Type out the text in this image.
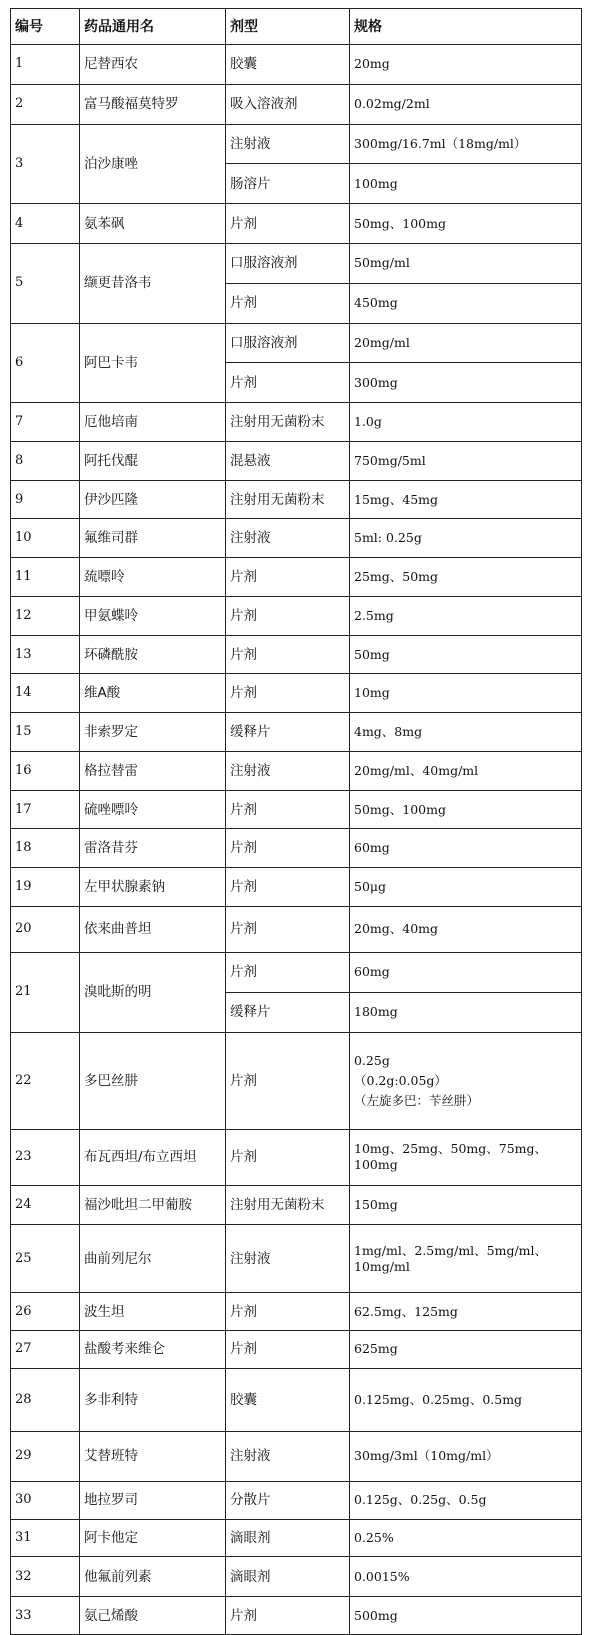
编号	药品通用名	剂型	规格
1	尼替西农	胶囊	20mg

2	富马酸福莫特罗	吸入溶液剂	0.02mg/2ml

3	泊沙康唑	注射液	300mg/16.7ml（18mg/ml）

		肠溶片	100mg

4	氨苯砜	片剂	50mg、100mg

5	缬更昔洛韦	口服溶液剂	50mg/ml

		片剂	450mg

6	阿巴卡韦	口服溶液剂	20mg/ml

		片剂	300mg

7	厄他培南	注射用无菌粉末	1.0g

8	阿托伐醌	混悬液	750mg/5ml

9	伊沙匹隆	注射用无菌粉末	15mg、45mg

10	氟维司群	注射液	5ml: 0.25g

11	巯嘌呤	片剂	25mg、50mg

12	甲氨蝶呤	片剂	2.5mg

13	环磷酰胺	片剂	50mg

14	维A酸	片剂	10mg

15	非索罗定	缓释片	4mg、8mg

16	格拉替雷	注射液	20mg/ml、40mg/ml

17	硫唑嘌呤	片剂	50mg、100mg

18	雷洛昔芬	片剂	60mg

19	左甲状腺素钠	片剂	50μg

20	依来曲普坦	片剂	20mg、40mg

21	溴吡斯的明	片剂	60mg

		缓释片	180mg

22	多巴丝肼	片剂	0.25g
（0.2g:0.05g）
（左旋多巴：苄丝肼）

23	布瓦西坦/布立西坦	片剂	10mg、25mg、50mg、75mg、100mg

24	福沙吡坦二甲葡胺	注射用无菌粉末	150mg

25	曲前列尼尔	注射液	1mg/ml、2.5mg/ml、5mg/ml、10mg/ml

26	波生坦	片剂	62.5mg、125mg

27	盐酸考来维仑	片剂	625mg

28	多非利特	胶囊	0.125mg、0.25mg、0.5mg

29	艾替班特	注射液	30mg/3ml（10mg/ml）

30	地拉罗司	分散片	0.125g、0.25g、0.5g

31	阿卡他定	滴眼剂	0.25%

32	他氟前列素	滴眼剂	0.0015%

33	氨己烯酸	片剂	500mg
